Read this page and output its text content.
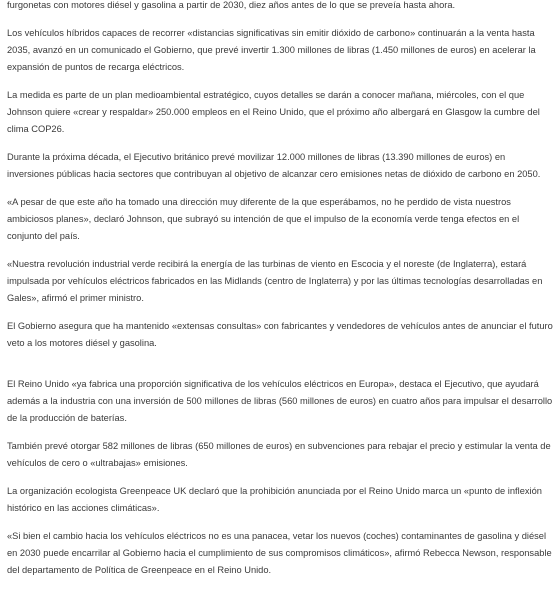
furgonetas con motores diésel y gasolina a partir de 2030, diez años antes de lo que se preveía hasta ahora.

Los vehículos híbridos capaces de recorrer «distancias significativas sin emitir dióxido de carbono» continuarán a la venta hasta 2035, avanzó en un comunicado el Gobierno, que prevé invertir 1.300 millones de libras (1.450 millones de euros) en acelerar la expansión de puntos de recarga eléctricos.

La medida es parte de un plan medioambiental estratégico, cuyos detalles se darán a conocer mañana, miércoles, con el que Johnson quiere «crear y respaldar» 250.000 empleos en el Reino Unido, que el próximo año albergará en Glasgow la cumbre del clima COP26.

Durante la próxima década, el Ejecutivo británico prevé movilizar 12.000 millones de libras (13.390 millones de euros) en inversiones públicas hacia sectores que contribuyan al objetivo de alcanzar cero emisiones netas de dióxido de carbono en 2050.

«A pesar de que este año ha tomado una dirección muy diferente de la que esperábamos, no he perdido de vista nuestros ambiciosos planes», declaró Johnson, que subrayó su intención de que el impulso de la economía verde tenga efectos en el conjunto del país.

«Nuestra revolución industrial verde recibirá la energía de las turbinas de viento en Escocia y el noreste (de Inglaterra), estará impulsada por vehículos eléctricos fabricados en las Midlands (centro de Inglaterra) y por las últimas tecnologías desarrolladas en Gales», afirmó el primer ministro.

El Gobierno asegura que ha mantenido «extensas consultas» con fabricantes y vendedores de vehículos antes de anunciar el futuro veto a los motores diésel y gasolina.

El Reino Unido «ya fabrica una proporción significativa de los vehículos eléctricos en Europa», destaca el Ejecutivo, que ayudará además a la industria con una inversión de 500 millones de libras (560 millones de euros) en cuatro años para impulsar el desarrollo de la producción de baterías.

También prevé otorgar 582 millones de libras (650 millones de euros) en subvenciones para rebajar el precio y estimular la venta de vehículos de cero o «ultrabajas» emisiones.

La organización ecologista Greenpeace UK declaró que la prohibición anunciada por el Reino Unido marca un «punto de inflexión histórico en las acciones climáticas».

«Si bien el cambio hacia los vehículos eléctricos no es una panacea, vetar los nuevos (coches) contaminantes de gasolina y diésel en 2030 puede encarrilar al Gobierno hacia el cumplimiento de sus compromisos climáticos», afirmó Rebecca Newson, responsable del departamento de Política de Greenpeace en el Reino Unido.
